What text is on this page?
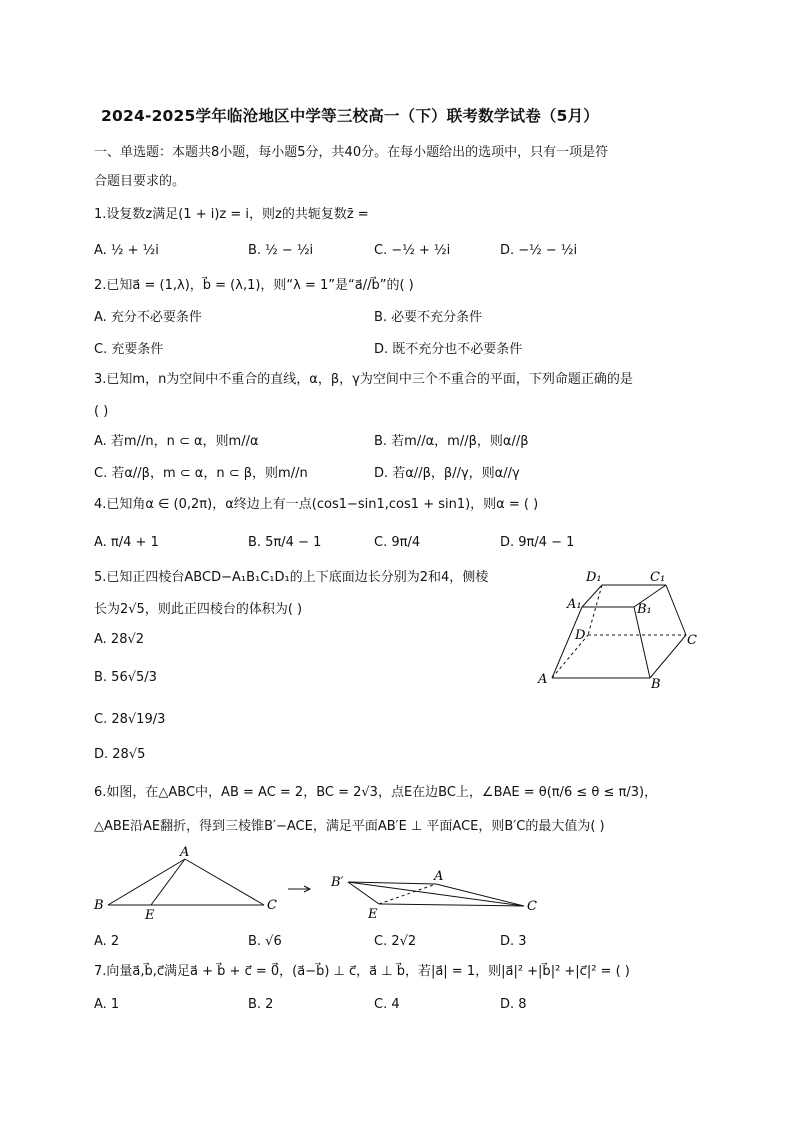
2024-2025学年临沧地区中学等三校高一（下）联考数学试卷（5月）
一、单选题：本题共8小题，每小题5分，共40分。在每小题给出的选项中，只有一项是符
合题目要求的。
1.设复数z满足(1 + i)z = i，则z的共轭复数z̄ =
A. ½ + ½i	B. ½ − ½i	C. −½ + ½i	D. −½ − ½i
2.已知a⃗ = (1,λ)，b⃗ = (λ,1)，则“λ = 1”是“a⃗//b⃗”的( )
A. 充分不必要条件	B. 必要不充分条件
C. 充要条件	D. 既不充分也不必要条件
3.已知m，n为空间中不重合的直线，α，β，γ为空间中三个不重合的平面，下列命题正确的是
( )
A. 若m//n，n ⊂ α，则m//α	B. 若m//α，m//β，则α//β
C. 若α//β，m ⊂ α，n ⊂ β，则m//n	D. 若α//β，β//γ，则α//γ
4.已知角α ∈ (0,2π)，α终边上有一点(cos1−sin1,cos1 + sin1)，则α = ( )
A. π/4 + 1	B. 5π/4 − 1	C. 9π/4	D. 9π/4 − 1
5.已知正四棱台ABCD−A₁B₁C₁D₁的上下底面边长分别为2和4，侧棱
长为2√5，则此正四棱台的体积为( )
A. 28√2
B. 56√5/3
C. 28√19/3
D. 28√5
D₁	C₁
A₁	B₁
D	C
A	B
6.如图，在△ABC中，AB = AC = 2，BC = 2√3，点E在边BC上，∠BAE = θ(π/6 ≤ θ ≤ π/3)，
△ABE沿AE翻折，得到三棱锥B′−ACE，满足平面AB′E ⊥ 平面ACE，则B′C的最大值为( )
A
B
E
C
B′	A
E
C
A. 2	B. √6	C. 2√2	D. 3
7.向量a⃗,b⃗,c⃗满足a⃗ + b⃗ + c⃗ = 0⃗，(a⃗−b⃗) ⊥ c⃗，a⃗ ⊥ b⃗，若|a⃗| = 1，则|a⃗|² +|b⃗|² +|c⃗|² = ( )
A. 1	B. 2	C. 4	D. 8
